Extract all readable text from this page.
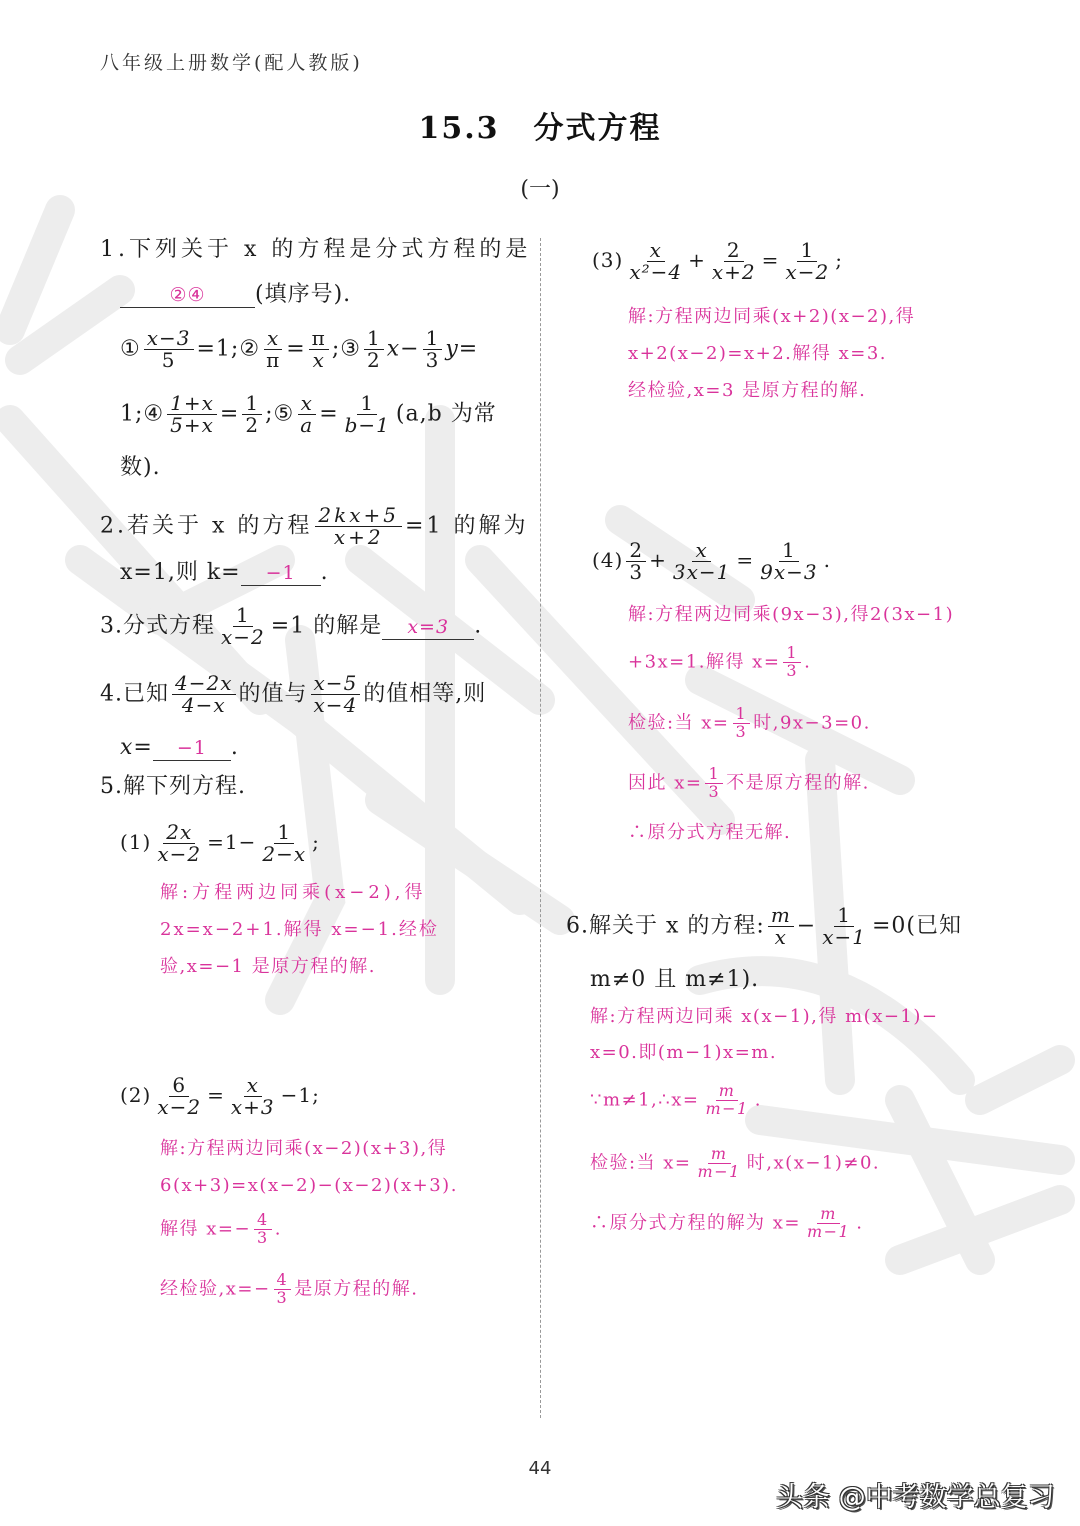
八年级上册数学(配人教版)
15.3 分式方程
(一)
1.下列关于 x 的方程是分式方程的是
②④ (填序号).
① $\frac{x-3}{5}$ =1;② $\frac{x}{\pi} = \frac{\pi}{x}$ ;③ $\frac{1}{2} x- \frac{1}{3} y=$
1;④ $\frac{1+x}{5+x} = \frac{1}{2}$ ;⑤ $\frac{x}{a} = \frac{1}{b-1} (a,b$ 为常
数).
2.若关于 x 的方程 $\frac{2kx+5}{x+2} =1$ 的解为
x=1,则 k= −1 .
3.分式方程 $\frac{1}{x-2} =1$ 的解是 x=3 .
4.已知 $\frac{4-2x}{4-x}$ 的值与 $\frac{x-5}{x-4}$ 的值相等,则
x= −1 .
5.解下列方程.
$(1) \frac{2x}{x-2} =1- \frac{1}{2-x}$ ;
解:方程两边同乘(x−2),得
2x=x−2+1.解得 x=−1.经检
验,x=−1 是原方程的解.
$(2) \frac{6}{x-2} = \frac{x}{x+3} -1$;
解:方程两边同乘(x−2)(x+3),得
6(x+3)=x(x−2)−(x−2)(x+3).
解得 $x=- \frac{4}{3}$ .
经检验$,x=- \frac{4}{3}$ 是原方程的解.
$(3) \frac{x}{\text{x²−4}} + \frac{2}{x+2} = \frac{1}{x-2}$ ;
解:方程两边同乘(x+2)(x−2),得
x+2(x−2)=x+2.解得 x=3.
经检验,x=3 是原方程的解.
$(4) \frac{2}{3} + \frac{x}{3x-1} = \frac{1}{9x-3}$ .
解:方程两边同乘(9x−3),得2(3x−1)
+3x=1.解得 $x= \frac{1}{3}$ .
检验:当 $x= \frac{1}{3}$ 时,9x−3=0.
因此 $x= \frac{1}{3}$ 不是原方程的解.
∴原分式方程无解.
6.解关于 x 的方程: $\frac{m}{x} - \frac{1}{x-1} =0$(已知
m≠0 且 m≠1).
解:方程两边同乘 x(x−1),得 m(x−1)−
x=0.即(m−1)x=m.
∵m≠1,∴x= $\frac{m}{m-1}$ .
检验:当 $x= \frac{m}{m-1}$ 时,x(x−1)≠0.
∴原分式方程的解为 $x= \frac{m}{m-1}$ .
44
头条 @中考数学总复习
